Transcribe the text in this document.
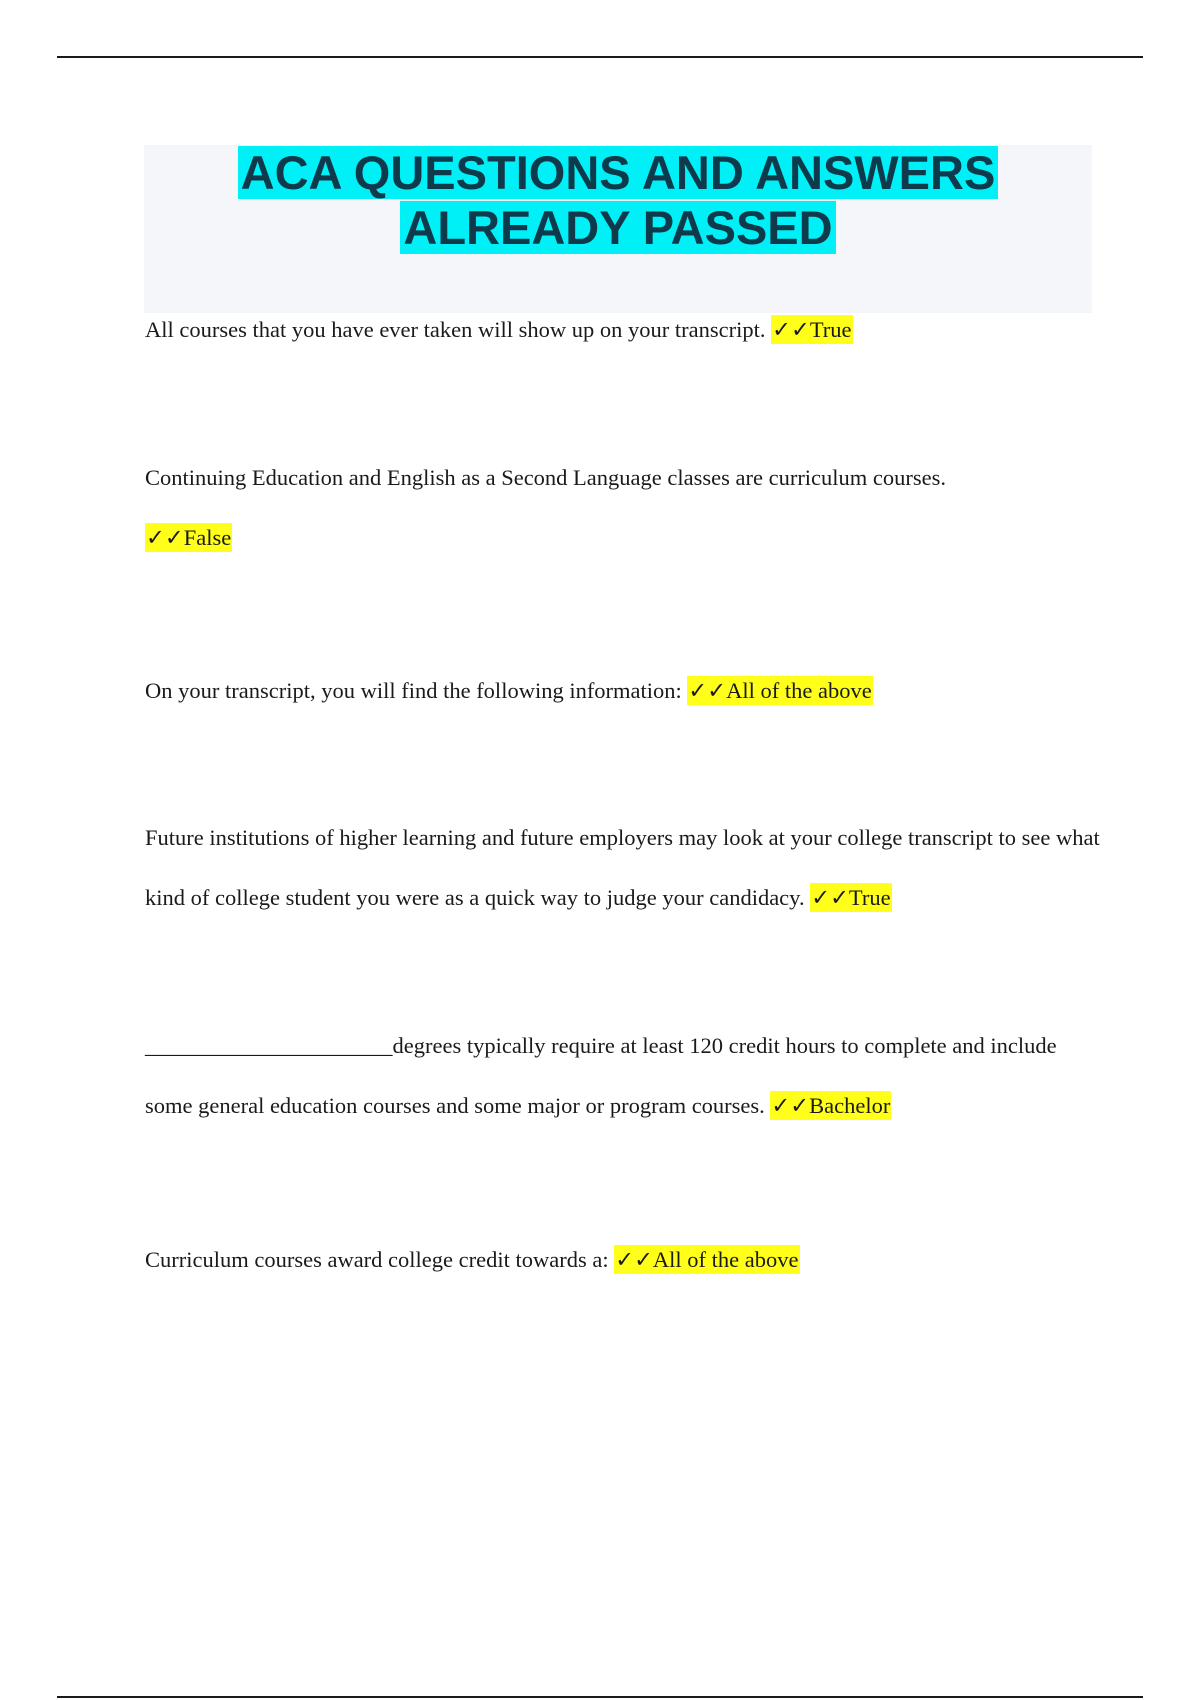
ACA QUESTIONS AND ANSWERS
ALREADY PASSED
All courses that you have ever taken will show up on your transcript. ✓✓True
Continuing Education and English as a Second Language classes are curriculum courses.
✓✓False
On your transcript, you will find the following information: ✓✓All of the above
Future institutions of higher learning and future employers may look at your college transcript to see what kind of college student you were as a quick way to judge your candidacy. ✓✓True
______________________degrees typically require at least 120 credit hours to complete and include some general education courses and some major or program courses. ✓✓Bachelor
Curriculum courses award college credit towards a: ✓✓All of the above
